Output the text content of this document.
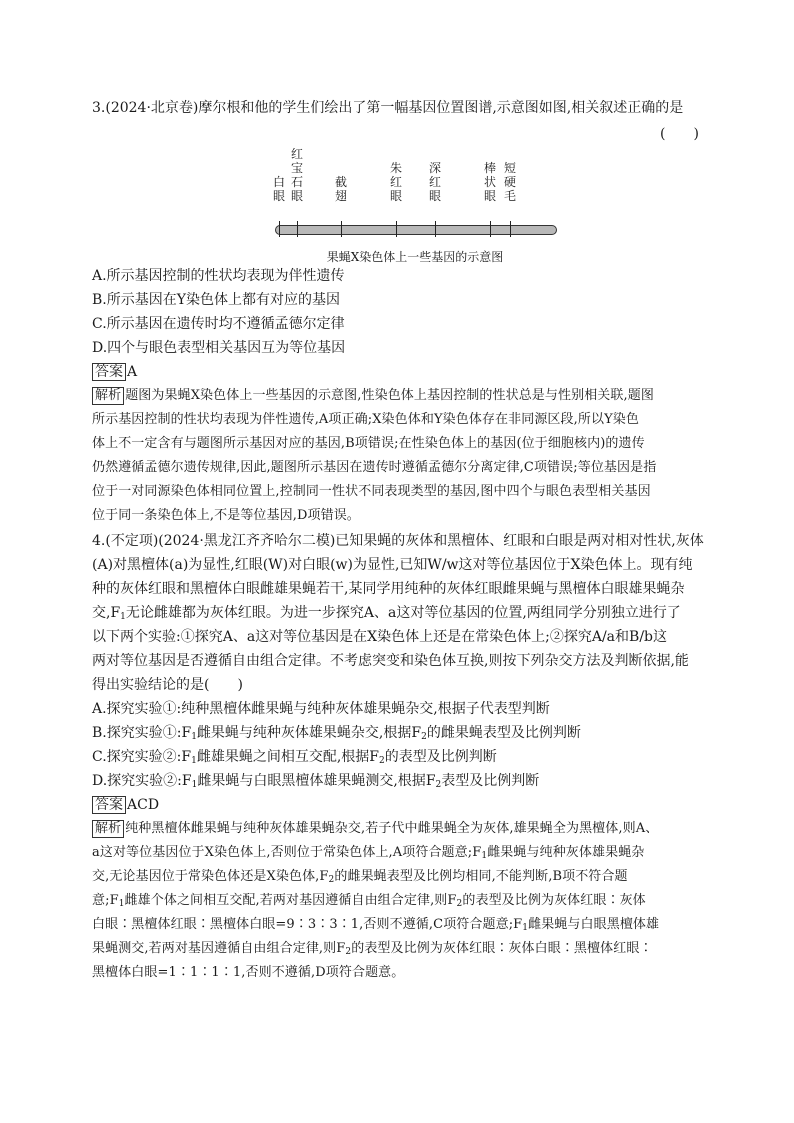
3.(2024·北京卷)摩尔根和他的学生们绘出了第一幅基因位置图谱,示意图如图,相关叙述正确的是
(　　)
白
眼
红
宝
石
眼
截
翅
朱
红
眼
深
红
眼
棒
状
眼
短
硬
毛
果蝇X染色体上一些基因的示意图
A.所示基因控制的性状均表现为伴性遗传
B.所示基因在Y染色体上都有对应的基因
C.所示基因在遗传时均不遵循孟德尔定律
D.四个与眼色表型相关基因互为等位基因
答案 A
解析 题图为果蝇X染色体上一些基因的示意图,性染色体上基因控制的性状总是与性别相关联,题图
所示基因控制的性状均表现为伴性遗传,A项正确;X染色体和Y染色体存在非同源区段,所以Y染色
体上不一定含有与题图所示基因对应的基因,B项错误;在性染色体上的基因(位于细胞核内)的遗传
仍然遵循孟德尔遗传规律,因此,题图所示基因在遗传时遵循孟德尔分离定律,C项错误;等位基因是指
位于一对同源染色体相同位置上,控制同一性状不同表现类型的基因,图中四个与眼色表型相关基因
位于同一条染色体上,不是等位基因,D项错误。
4.(不定项)(2024·黑龙江齐齐哈尔二模)已知果蝇的灰体和黑檀体、红眼和白眼是两对相对性状,灰体
(A)对黑檀体(a)为显性,红眼(W)对白眼(w)为显性,已知W/w这对等位基因位于X染色体上。现有纯
种的灰体红眼和黑檀体白眼雌雄果蝇若干,某同学用纯种的灰体红眼雌果蝇与黑檀体白眼雄果蝇杂
交$,F_1$无论雌雄都为灰体红眼。为进一步探究A、a这对等位基因的位置,两组同学分别独立进行了
以下两个实验:①探究A、a这对等位基因是在X染色体上还是在常染色体上;②探究A/a和B/b这
两对等位基因是否遵循自由组合定律。不考虑突变和染色体互换,则按下列杂交方法及判断依据,能
得出实验结论的是(　　)
A.探究实验①:纯种黑檀体雌果蝇与纯种灰体雄果蝇杂交,根据子代表型判断
B.探究实验$①:F_1$雌果蝇与纯种灰体雄果蝇杂交,根据$F_2$的雌果蝇表型及比例判断
C.探究实验$②:F_1$雌雄果蝇之间相互交配,根据$F_2$的表型及比例判断
D.探究实验$②:F_1$雌果蝇与白眼黑檀体雄果蝇测交,根据$F_2$表型及比例判断
答案 ACD
解析 纯种黑檀体雌果蝇与纯种灰体雄果蝇杂交,若子代中雌果蝇全为灰体,雄果蝇全为黑檀体,则A、
a这对等位基因位于X染色体上,否则位于常染色体上,A项符合题意$;F_1$雌果蝇与纯种灰体雄果蝇杂
交,无论基因位于常染色体还是X染色体$,F_2$的雌果蝇表型及比例均相同,不能判断,B项不符合题
意$;F_1$雌雄个体之间相互交配,若两对基因遵循自由组合定律,则$F_2$的表型及比例为灰体红眼∶灰体
白眼∶黑檀体红眼∶黑檀体白眼=9∶3∶3∶1,否则不遵循,C项符合题意$;F_1$雌果蝇与白眼黑檀体雄
果蝇测交,若两对基因遵循自由组合定律,则$F_2$的表型及比例为灰体红眼∶灰体白眼∶黑檀体红眼∶
黑檀体白眼=1∶1∶1∶1,否则不遵循,D项符合题意。
